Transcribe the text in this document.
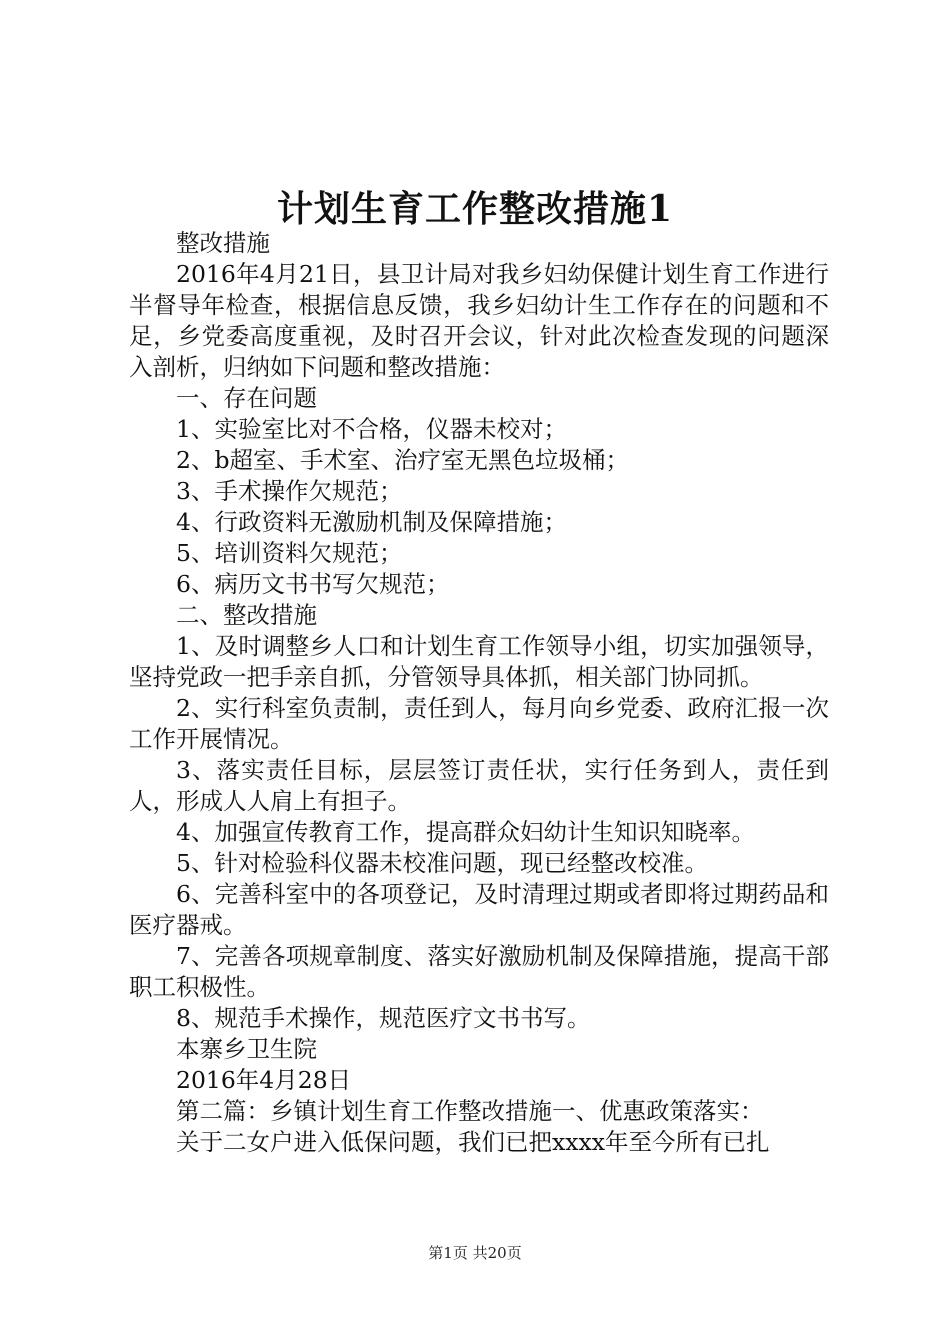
计划生育工作整改措施1

整改措施

2016年4月21日，县卫计局对我乡妇幼保健计划生育工作进行半督导年检查，根据信息反馈，我乡妇幼计生工作存在的问题和不足，乡党委高度重视，及时召开会议，针对此次检查发现的问题深入剖析，归纳如下问题和整改措施：

一、存在问题

1、实验室比对不合格，仪器未校对；

2、b超室、手术室、治疗室无黑色垃圾桶；

3、手术操作欠规范；

4、行政资料无激励机制及保障措施；

5、培训资料欠规范；

6、病历文书书写欠规范；

二、整改措施

1、及时调整乡人口和计划生育工作领导小组，切实加强领导，坚持党政一把手亲自抓，分管领导具体抓，相关部门协同抓。

2、实行科室负责制，责任到人，每月向乡党委、政府汇报一次工作开展情况。

3、落实责任目标，层层签订责任状，实行任务到人，责任到人，形成人人肩上有担子。

4、加强宣传教育工作，提高群众妇幼计生知识知晓率。

5、针对检验科仪器未校准问题，现已经整改校准。

6、完善科室中的各项登记，及时清理过期或者即将过期药品和医疗器戒。

7、完善各项规章制度、落实好激励机制及保障措施，提高干部职工积极性。

8、规范手术操作，规范医疗文书书写。

本寨乡卫生院

2016年4月28日

第二篇：乡镇计划生育工作整改措施一、优惠政策落实：

关于二女户进入低保问题，我们已把xxxx年至今所有已扎

第1页 共20页
